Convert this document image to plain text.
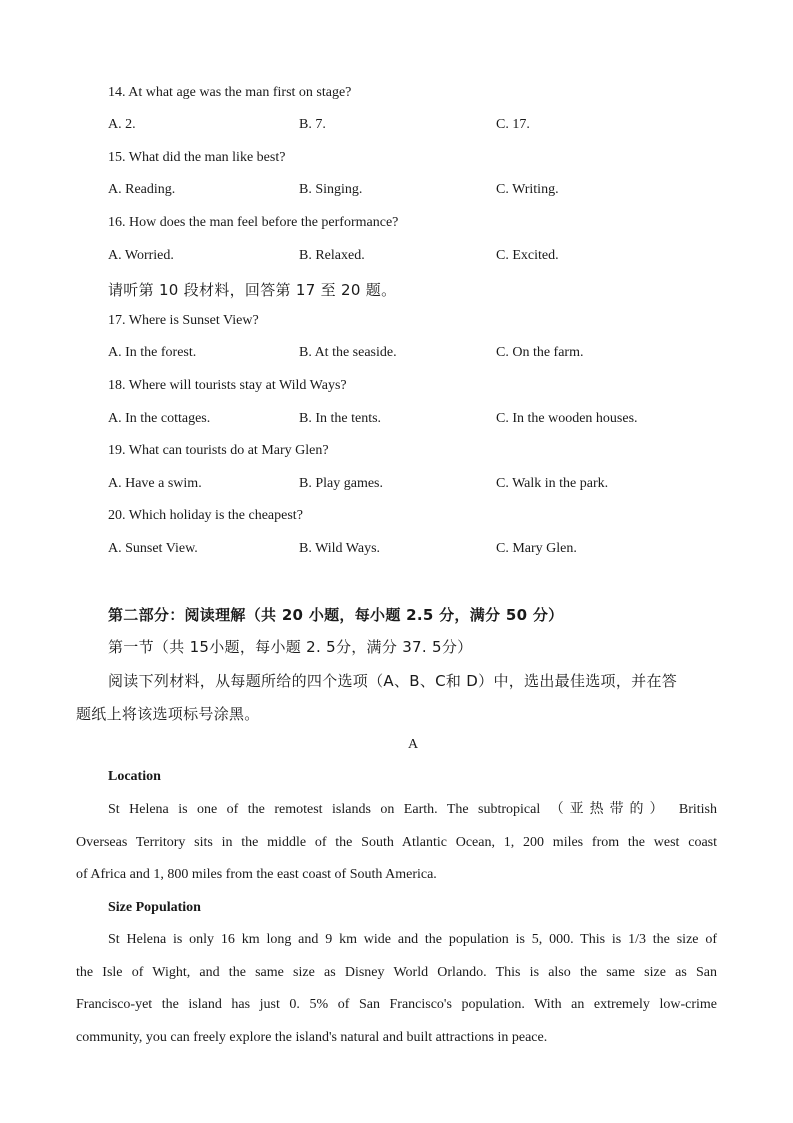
14. At what age was the man first on stage?
A. 2.	B. 7.	C. 17.
15. What did the man like best?
A. Reading.	B. Singing.	C. Writing.
16. How does the man feel before the performance?
A. Worried.	B. Relaxed.	C. Excited.
请听第 10 段材料，回答第 17 至 20 题。
17. Where is Sunset View?
A. In the forest.	B. At the seaside.	C. On the farm.
18. Where will tourists stay at Wild Ways?
A. In the cottages.	B. In the tents.	C. In the wooden houses.
19. What can tourists do at Mary Glen?
A. Have a swim.	B. Play games.	C. Walk in the park.
20. Which holiday is the cheapest?
A. Sunset View.	B. Wild Ways.	C. Mary Glen.
第二部分：阅读理解（共 20 小题，每小题 2.5 分，满分 50 分）
第一节（共 15小题，每小题 2. 5分，满分 37. 5分）
阅读下列材料，从每题所给的四个选项（A、B、C和 D）中，选出最佳选项，并在答
题纸上将该选项标号涂黑。
A
Location
St Helena is one of the remotest islands on Earth. The subtropical （亚热带的） British
Overseas Territory sits in the middle of the South Atlantic Ocean, 1, 200 miles from the west coast
of Africa and 1, 800 miles from the east coast of South America.
Size Population
St Helena is only 16 km long and 9 km wide and the population is 5, 000. This is 1/3 the size of
the Isle of Wight, and the same size as Disney World Orlando. This is also the same size as San
Francisco-yet the island has just 0. 5% of San Francisco's population. With an extremely low-crime
community, you can freely explore the island's natural and built attractions in peace.
